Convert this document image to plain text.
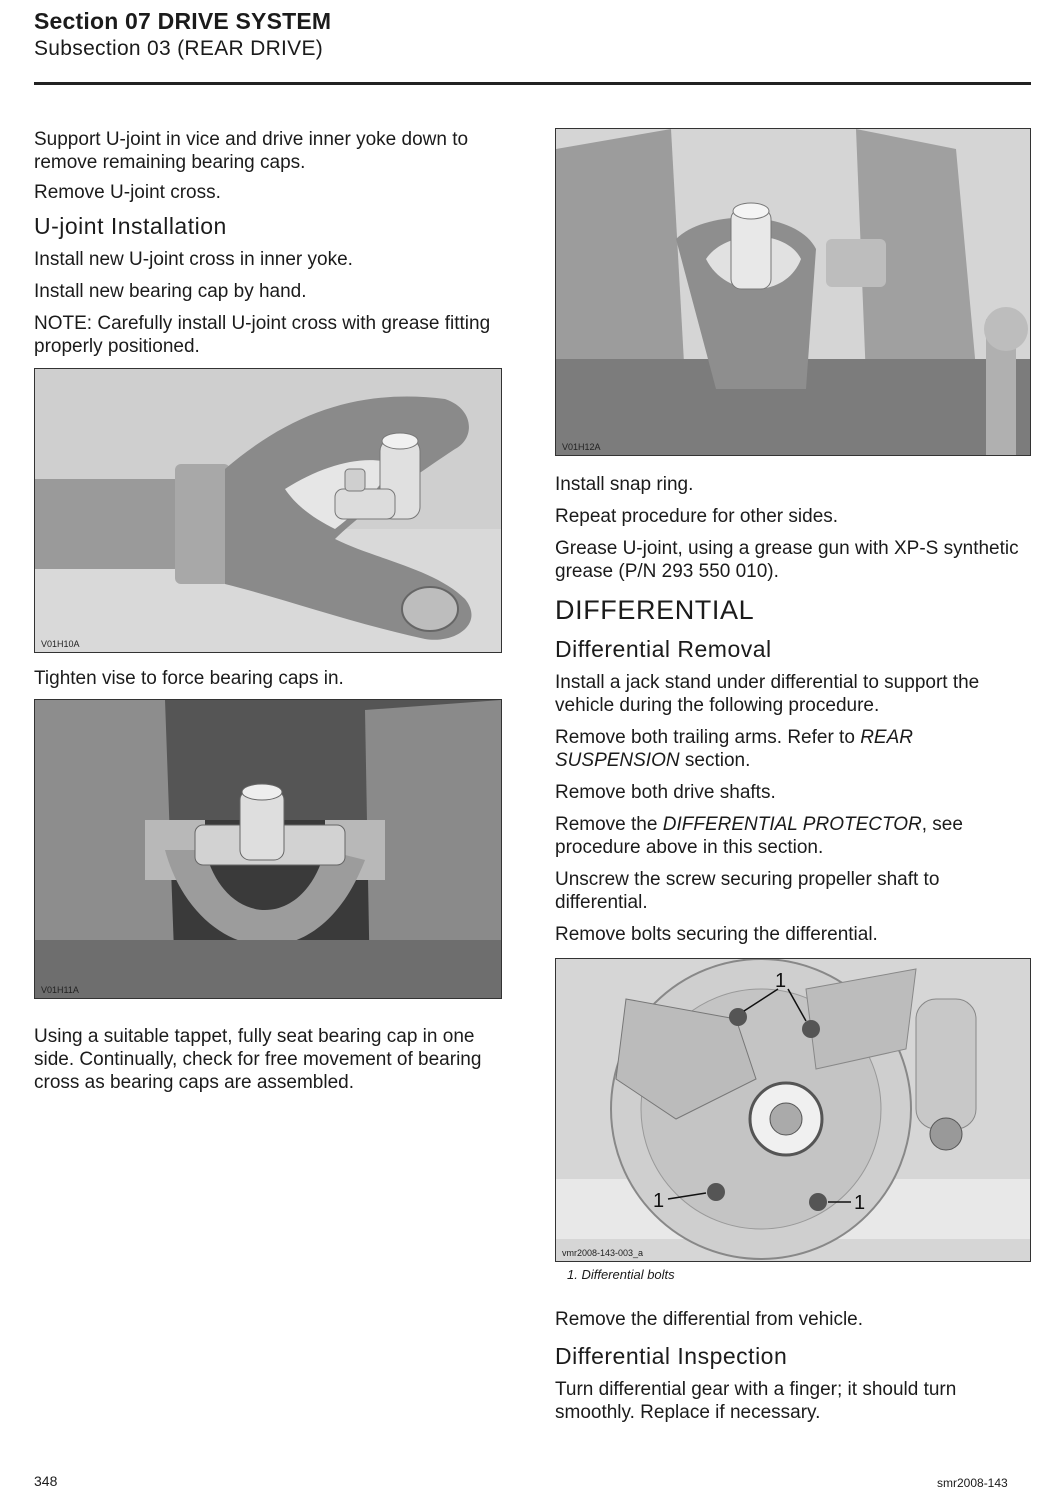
Section 07 DRIVE SYSTEM
Subsection 03 (REAR DRIVE)

Support U-joint in vice and drive inner yoke down to remove remaining bearing caps.

Remove U-joint cross.

U-joint Installation

Install new U-joint cross in inner yoke.

Install new bearing cap by hand.

NOTE: Carefully install U-joint cross with grease fitting properly positioned.

V01H10A

Tighten vise to force bearing caps in.

V01H11A

Using a suitable tappet, fully seat bearing cap in one side. Continually, check for free movement of bearing cross as bearing caps are assembled.

V01H12A

Install snap ring.

Repeat procedure for other sides.

Grease U-joint, using a grease gun with XP-S synthetic grease (P/N 293 550 010).

DIFFERENTIAL
Differential Removal

Install a jack stand under differential to support the vehicle during the following procedure.

Remove both trailing arms. Refer to REAR SUSPENSION section.

Remove both drive shafts.

Remove the DIFFERENTIAL PROTECTOR, see procedure above in this section.

Unscrew the screw securing propeller shaft to differential.

Remove bolts securing the differential.

1
1	1
vmr2008-143-003_a
1. Differential bolts

Remove the differential from vehicle.

Differential Inspection

Turn differential gear with a finger; it should turn smoothly. Replace if necessary.

348	smr2008-143
